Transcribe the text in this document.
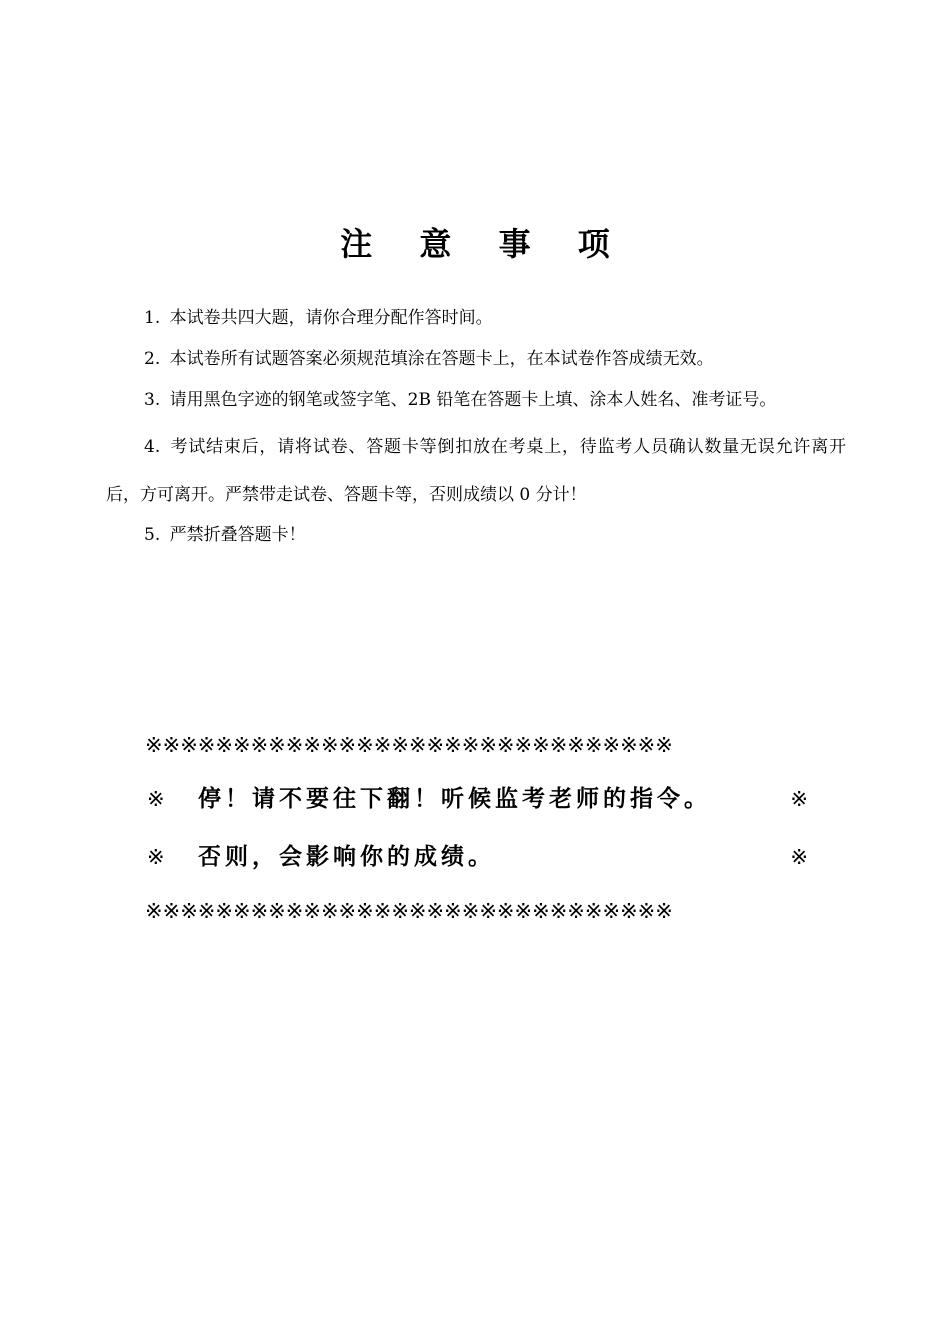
注 意 事 项

1. 本试卷共四大题，请你合理分配作答时间。

2. 本试卷所有试题答案必须规范填涂在答题卡上，在本试卷作答成绩无效。

3. 请用黑色字迹的钢笔或签字笔、2B 铅笔在答题卡上填、涂本人姓名、准考证号。

4. 考试结束后，请将试卷、答题卡等倒扣放在考桌上，待监考人员确认数量无误允许离开后，方可离开。严禁带走试卷、答题卡等，否则成绩以 0 分计！

5. 严禁折叠答题卡！

※※※※※※※※※※※※※※※※※※※※※※※※※※※※※※
※ 停！请不要往下翻！听候监考老师的指令。	※
※ 否则，会影响你的成绩。	※
※※※※※※※※※※※※※※※※※※※※※※※※※※※※※※
